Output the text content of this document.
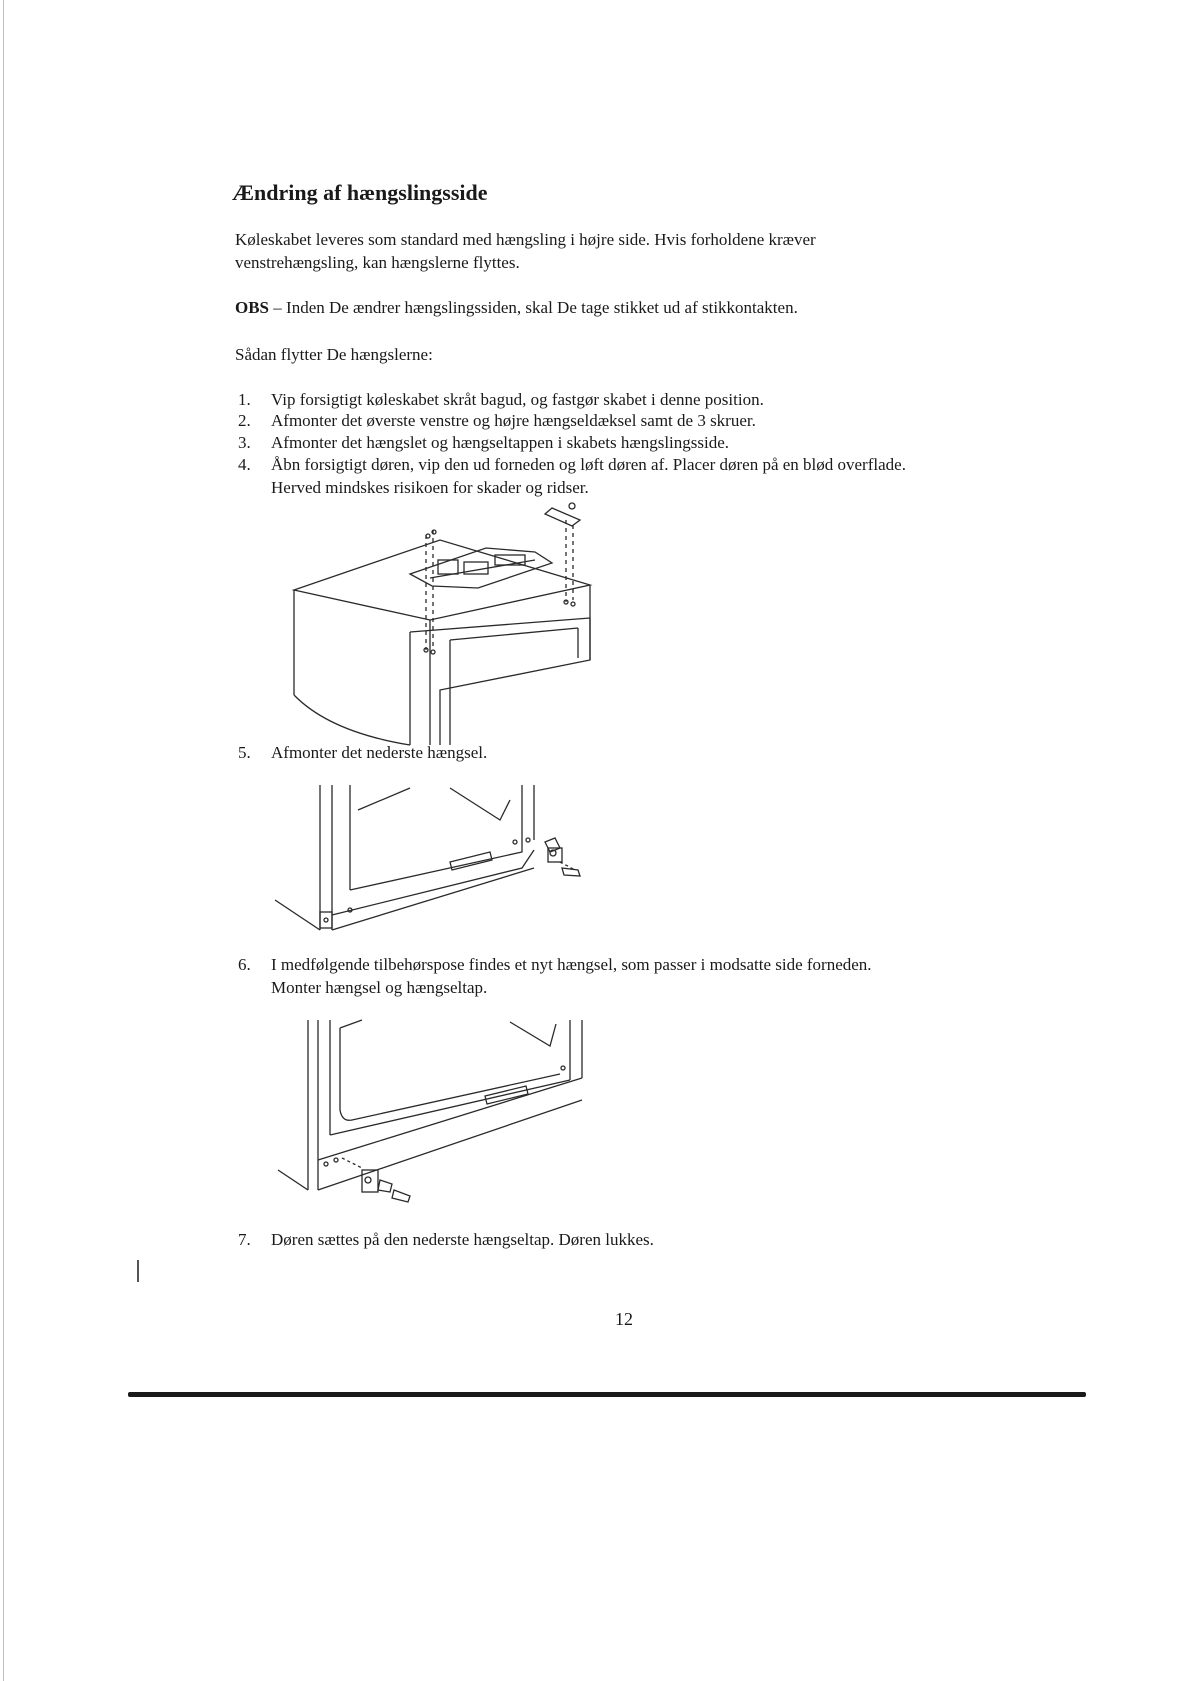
Ændring af hængslingsside
Køleskabet leveres som standard med hængsling i højre side. Hvis forholdene kræver
venstrehængsling, kan hængslerne flyttes.
OBS – Inden De ændrer hængslingssiden, skal De tage stikket ud af stikkontakten.
Sådan flytter De hængslerne:
1. Vip forsigtigt køleskabet skråt bagud, og fastgør skabet i denne position.
2. Afmonter det øverste venstre og højre hængseldæksel samt de 3 skruer.
3. Afmonter det hængslet og hængseltappen i skabets hængslingsside.
4. Åbn forsigtigt døren, vip den ud forneden og løft døren af. Placer døren på en blød overflade.
Herved mindskes risikoen for skader og ridser.
5. Afmonter det nederste hængsel.
6. I medfølgende tilbehørspose findes et nyt hængsel, som passer i modsatte side forneden.
Monter hængsel og hængseltap.
7. Døren sættes på den nederste hængseltap. Døren lukkes.
12
